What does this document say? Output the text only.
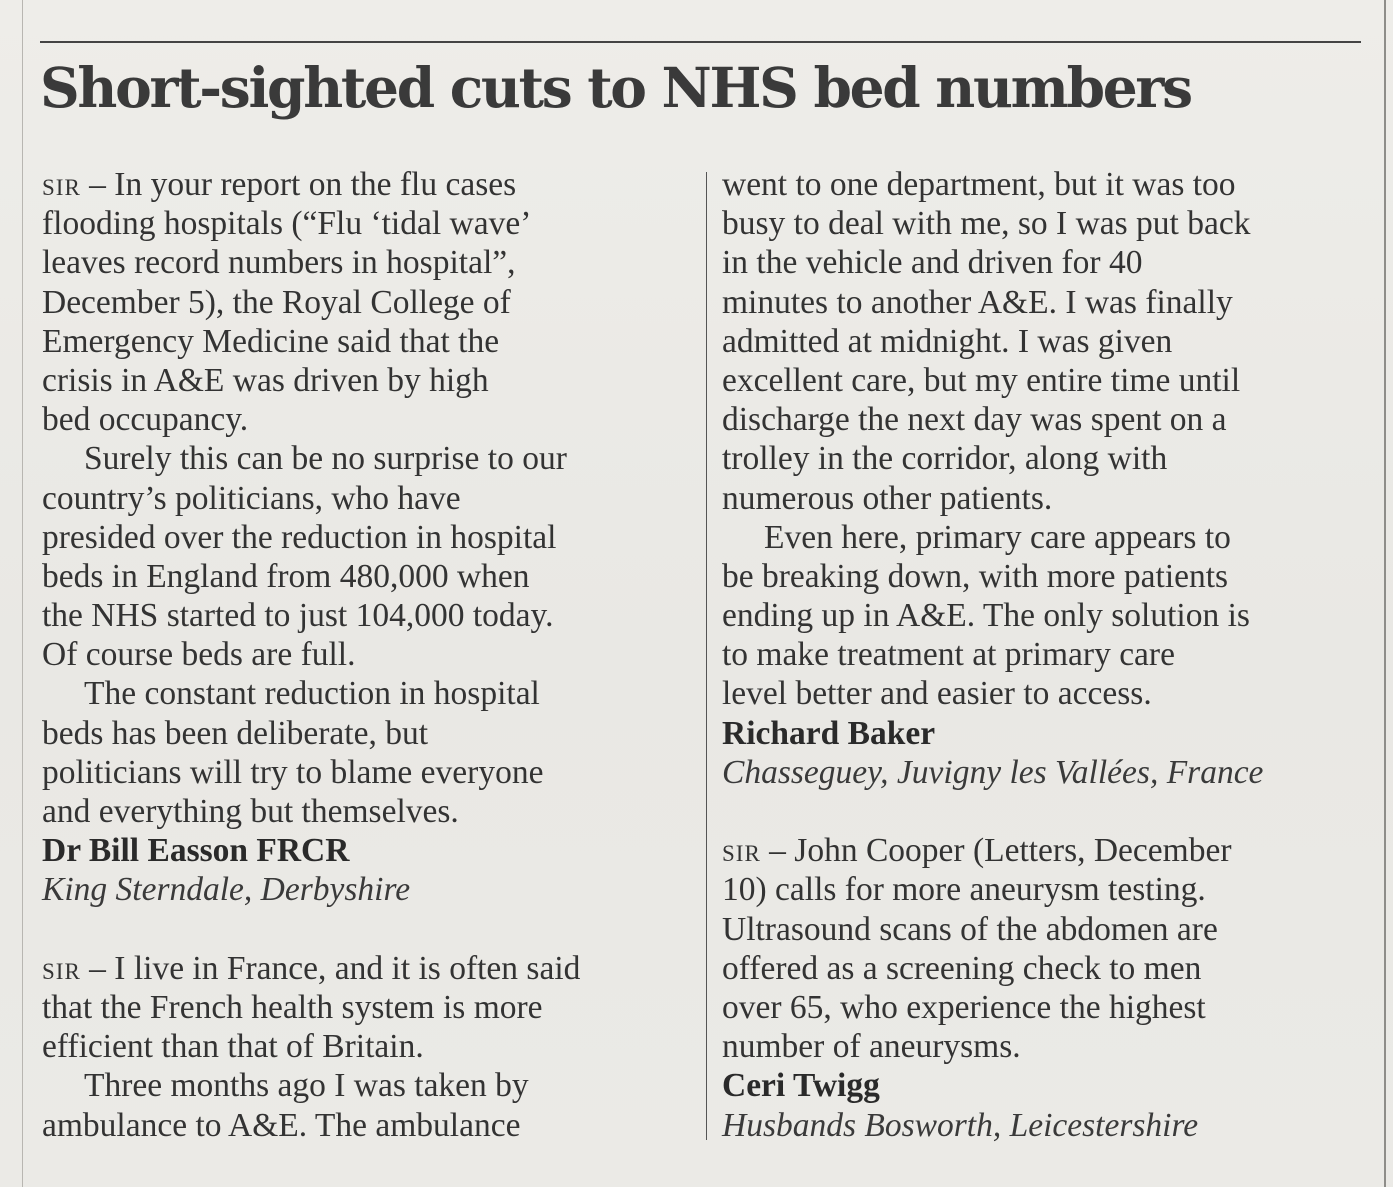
Short-sighted cuts to NHS bed numbers
sir – In your report on the flu cases
flooding hospitals (“Flu ‘tidal wave’
leaves record numbers in hospital”,
December 5), the Royal College of
Emergency Medicine said that the
crisis in A&E was driven by high
bed occupancy.
Surely this can be no surprise to our
country’s politicians, who have
presided over the reduction in hospital
beds in England from 480,000 when
the NHS started to just 104,000 today.
Of course beds are full.
The constant reduction in hospital
beds has been deliberate, but
politicians will try to blame everyone
and everything but themselves.
Dr Bill Easson FRCR
King Sterndale, Derbyshire
sir – I live in France, and it is often said
that the French health system is more
efficient than that of Britain.
Three months ago I was taken by
ambulance to A&E. The ambulance
went to one department, but it was too
busy to deal with me, so I was put back
in the vehicle and driven for 40
minutes to another A&E. I was finally
admitted at midnight. I was given
excellent care, but my entire time until
discharge the next day was spent on a
trolley in the corridor, along with
numerous other patients.
Even here, primary care appears to
be breaking down, with more patients
ending up in A&E. The only solution is
to make treatment at primary care
level better and easier to access.
Richard Baker
Chasseguey, Juvigny les Vallées, France
sir – John Cooper (Letters, December
10) calls for more aneurysm testing.
Ultrasound scans of the abdomen are
offered as a screening check to men
over 65, who experience the highest
number of aneurysms.
Ceri Twigg
Husbands Bosworth, Leicestershire
